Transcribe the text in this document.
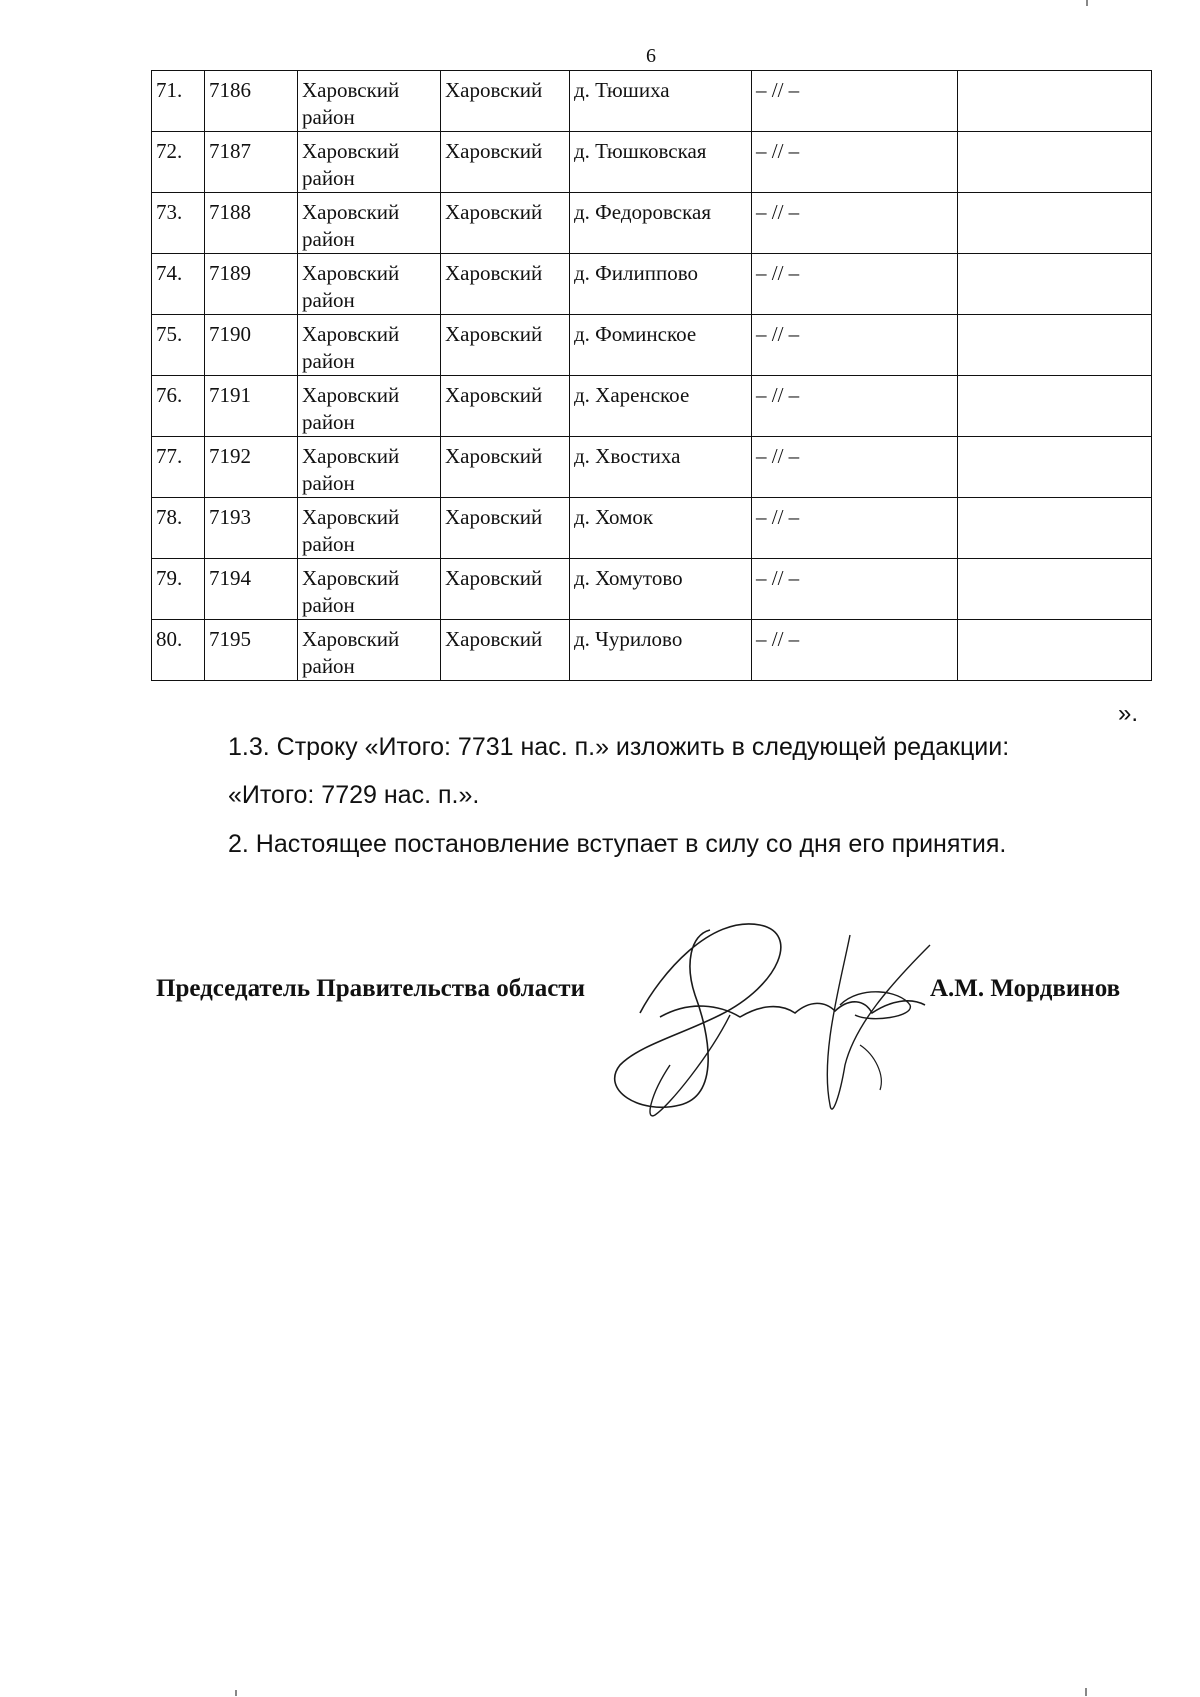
6
71.	7186	Харовский район	Харовский	д. Тюшиха	– // –	
72.	7187	Харовский район	Харовский	д. Тюшковская	– // –	
73.	7188	Харовский район	Харовский	д. Федоровская	– // –	
74.	7189	Харовский район	Харовский	д. Филиппово	– // –	
75.	7190	Харовский район	Харовский	д. Фоминское	– // –	
76.	7191	Харовский район	Харовский	д. Харенское	– // –	
77.	7192	Харовский район	Харовский	д. Хвостиха	– // –	
78.	7193	Харовский район	Харовский	д. Хомок	– // –	
79.	7194	Харовский район	Харовский	д. Хомутово	– // –	
80.	7195	Харовский район	Харовский	д. Чурилово	– // –	
».
1.3. Строку «Итого: 7731 нас. п.» изложить в следующей редакции:
«Итого: 7729 нас. п.».
2. Настоящее постановление вступает в силу со дня его принятия.
Председатель Правительства области	А.М. Мордвинов
